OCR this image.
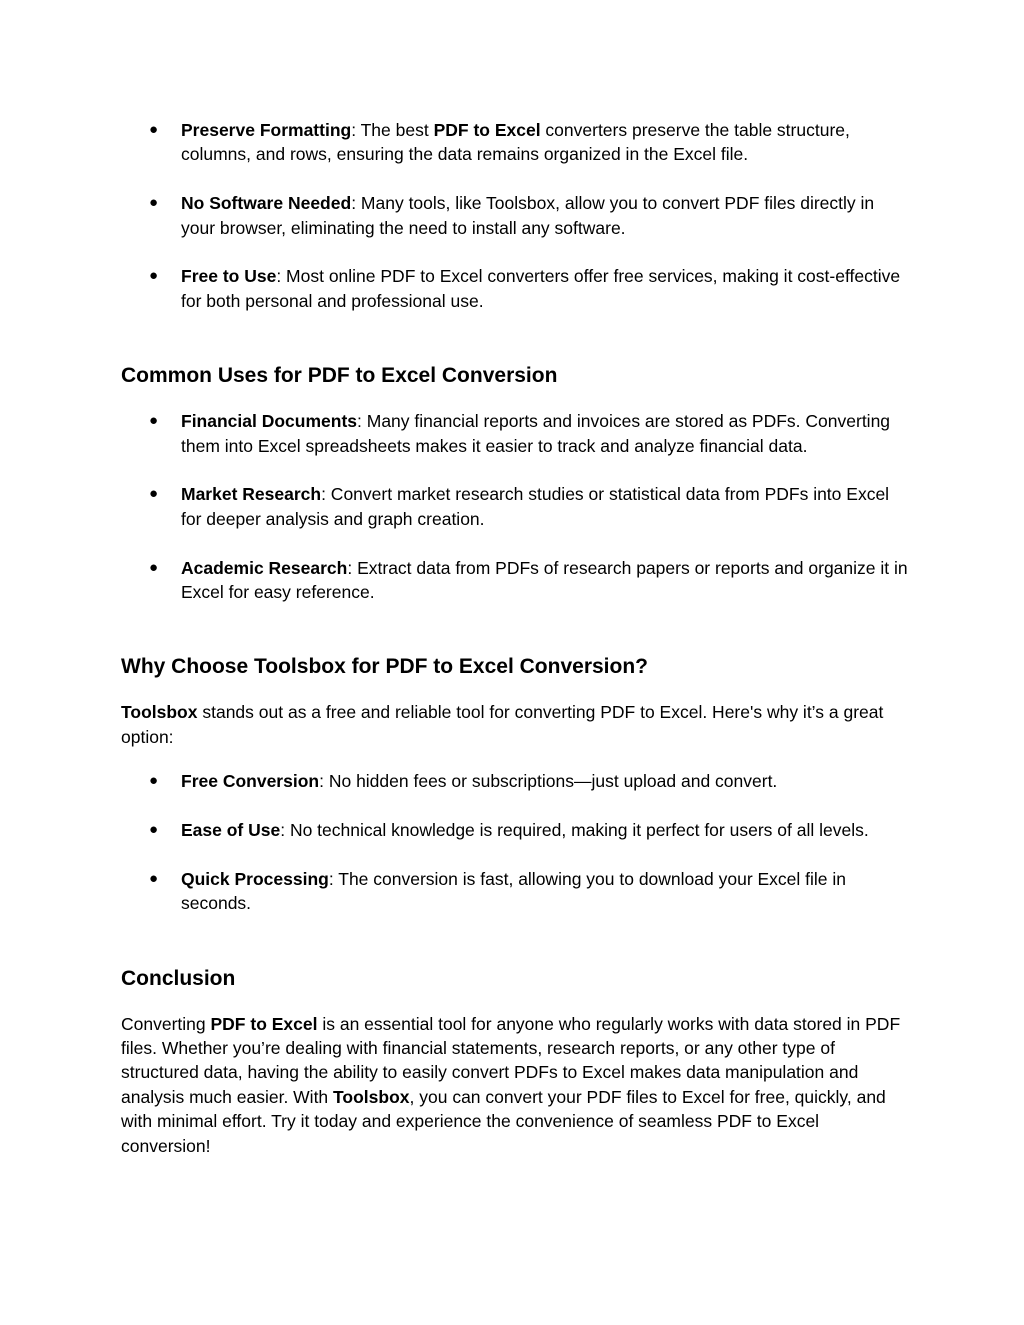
● Preserve Formatting: The best PDF to Excel converters preserve the table structure, columns, and rows, ensuring the data remains organized in the Excel file.
● No Software Needed: Many tools, like Toolsbox, allow you to convert PDF files directly in your browser, eliminating the need to install any software.
● Free to Use: Most online PDF to Excel converters offer free services, making it cost-effective for both personal and professional use.
Common Uses for PDF to Excel Conversion
● Financial Documents: Many financial reports and invoices are stored as PDFs. Converting them into Excel spreadsheets makes it easier to track and analyze financial data.
● Market Research: Convert market research studies or statistical data from PDFs into Excel for deeper analysis and graph creation.
● Academic Research: Extract data from PDFs of research papers or reports and organize it in Excel for easy reference.
Why Choose Toolsbox for PDF to Excel Conversion?

Toolsbox stands out as a free and reliable tool for converting PDF to Excel. Here's why it’s a great option:

● Free Conversion: No hidden fees or subscriptions—just upload and convert.
● Ease of Use: No technical knowledge is required, making it perfect for users of all levels.
● Quick Processing: The conversion is fast, allowing you to download your Excel file in seconds.
Conclusion

Converting PDF to Excel is an essential tool for anyone who regularly works with data stored in PDF files. Whether you’re dealing with financial statements, research reports, or any other type of structured data, having the ability to easily convert PDFs to Excel makes data manipulation and analysis much easier. With Toolsbox, you can convert your PDF files to Excel for free, quickly, and with minimal effort. Try it today and experience the convenience of seamless PDF to Excel conversion!
